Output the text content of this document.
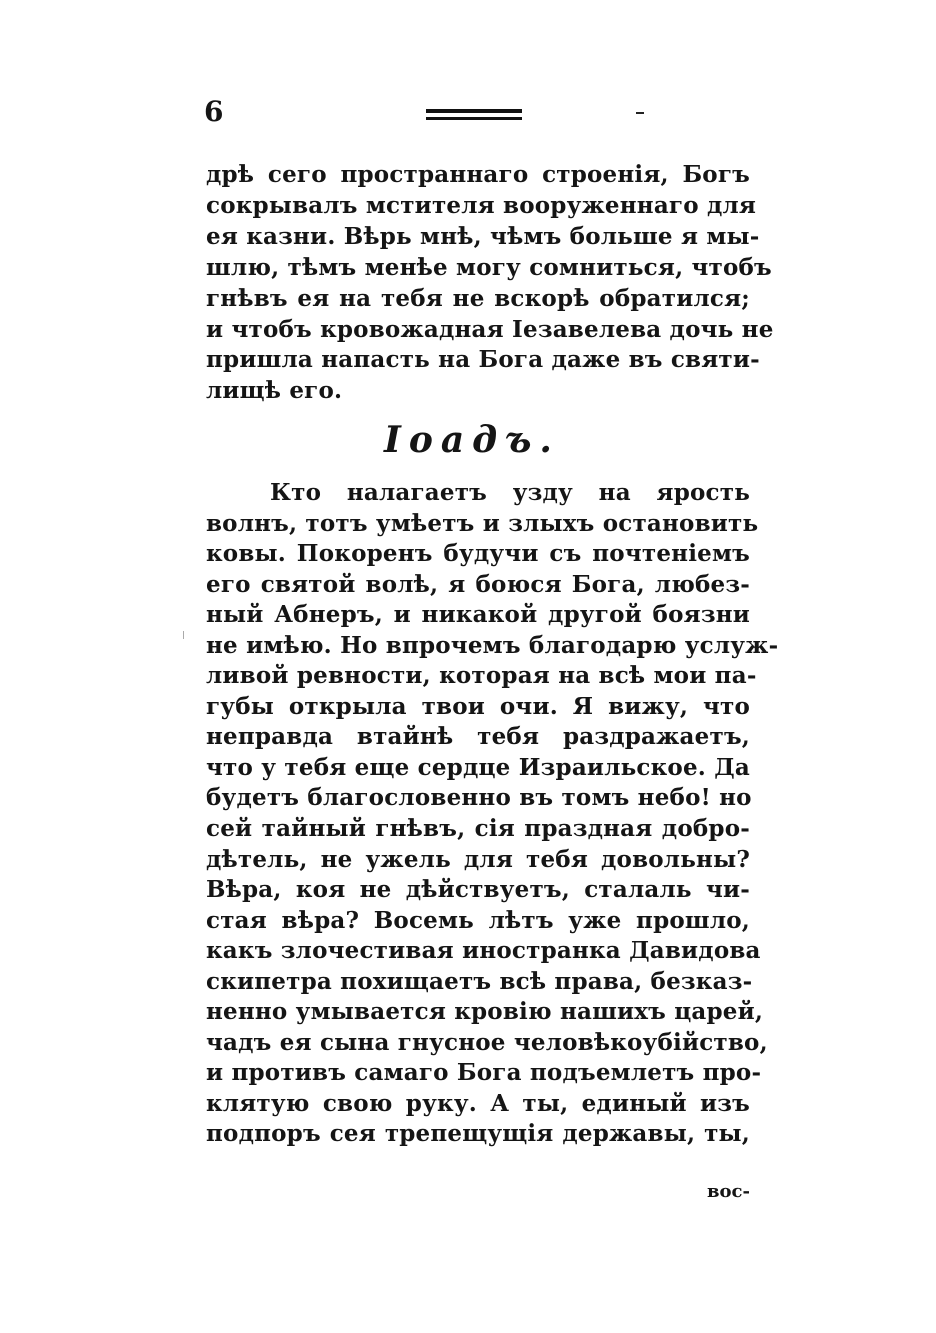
6
дрѣ сего пространнаго строенія, Богъ
сокрывалъ мстителя вооруженнаго для
ея казни. Вѣрь мнѣ, чѣмъ больше я мы-
шлю, тѣмъ менѣе могу сомниться, чтобъ
гнѣвъ ея на тебя не вскорѣ обратился;
и чтобъ кровожадная Іезавелева дочь не
пришла напасть на Бога даже въ святи-
лищѣ его.
Іоадъ.
Кто налагаетъ узду на ярость
волнъ, тотъ умѣетъ и злыхъ остановить
ковы. Покоренъ будучи съ почтеніемъ
его святой волѣ, я боюся Бога, любез-
ный Абнеръ, и никакой другой боязни
не имѣю. Но впрочемъ благодарю услуж-
ливой ревности, которая на всѣ мои па-
губы открыла твои очи. Я вижу, что
неправда втайнѣ тебя раздражаетъ,
что у тебя еще сердце Израильское. Да
будетъ благословенно въ томъ небо! но
сей тайный гнѣвъ, сія праздная добро-
дѣтель, не ужель для тебя довольны?
Вѣра, коя не дѣйствуетъ, сталаль чи-
стая вѣра? Восемь лѣтъ уже прошло,
какъ злочестивая иностранка Давидова
скипетра похищаетъ всѣ права, безказ-
ненно умывается кровію нашихъ царей,
чадъ ея сына гнусное человѣкоубійство,
и противъ самаго Бога подъемлетъ про-
клятую свою руку. А ты, единый изъ
подпоръ сея трепещущія державы, ты,
вос-
